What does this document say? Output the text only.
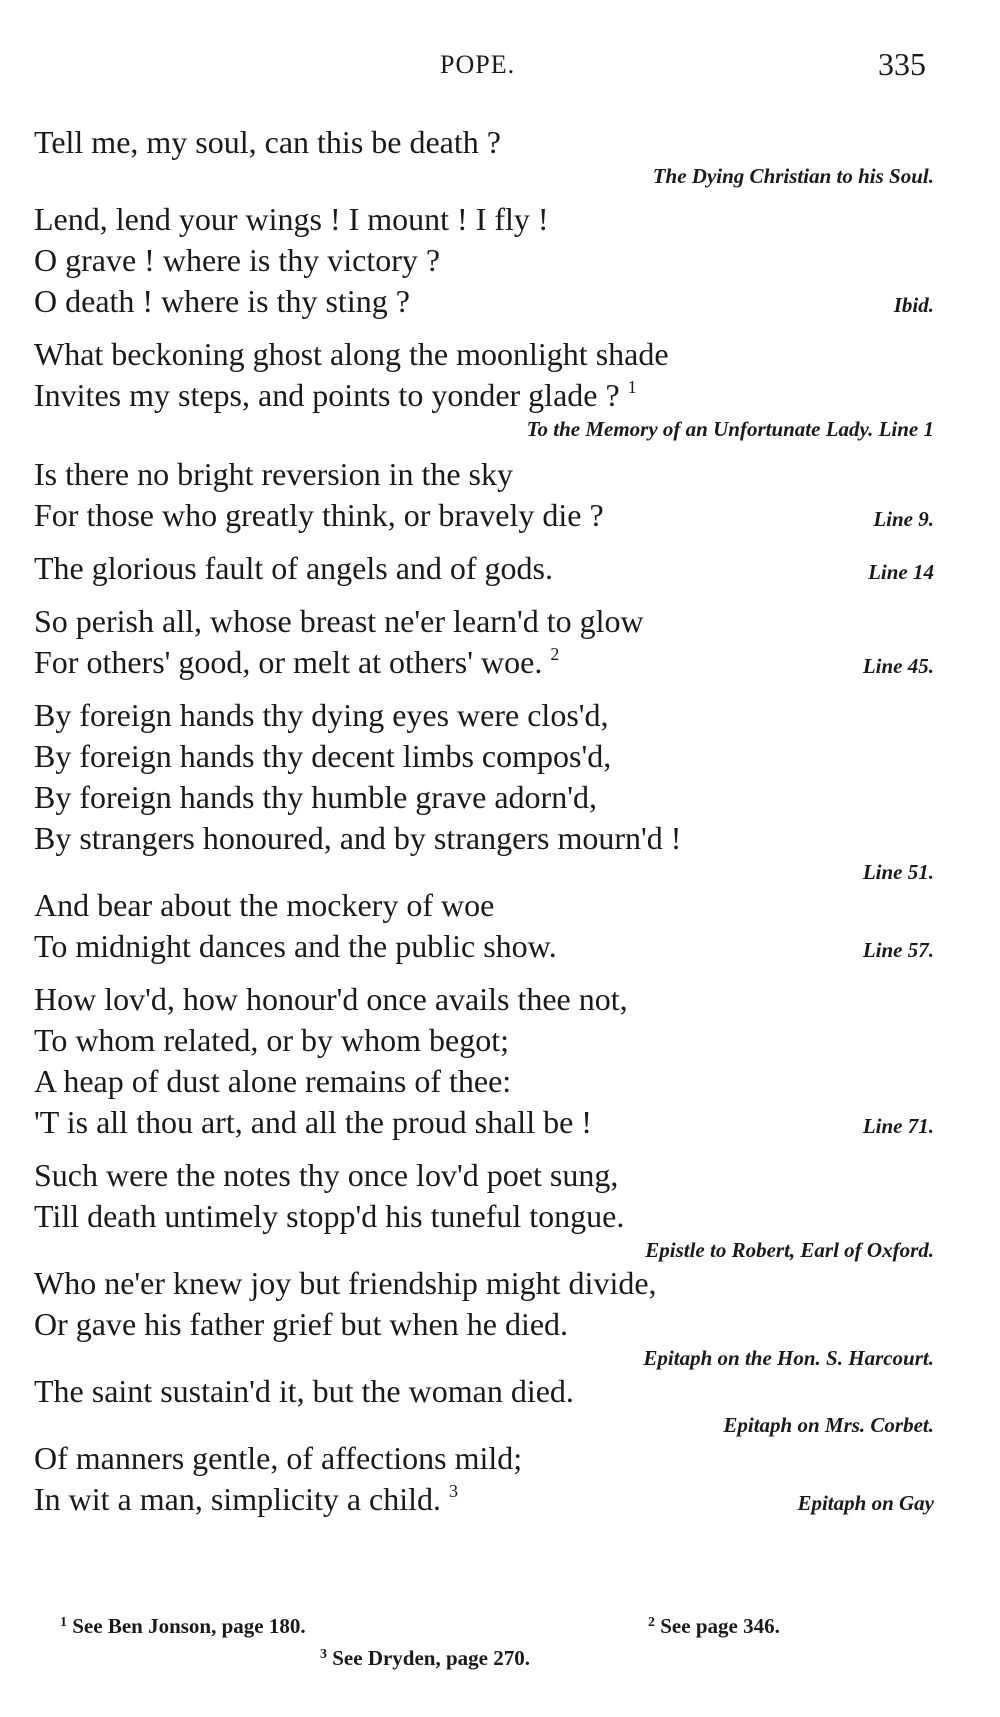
POPE.	335
Tell me, my soul, can this be death ?
The Dying Christian to his Soul.
Lend, lend your wings ! I mount ! I fly !
O grave ! where is thy victory ?
O death ! where is thy sting ?	Ibid.
What beckoning ghost along the moonlight shade
Invites my steps, and points to yonder glade ? $^1$
To the Memory of an Unfortunate Lady. Line 1
Is there no bright reversion in the sky
For those who greatly think, or bravely die ?	Line 9.
The glorious fault of angels and of gods.	Line 14
So perish all, whose breast ne'er learn'd to glow
For others' good, or melt at others' woe. $^2$	Line 45.
By foreign hands thy dying eyes were clos'd,
By foreign hands thy decent limbs compos'd,
By foreign hands thy humble grave adorn'd,
By strangers honoured, and by strangers mourn'd !
Line 51.
And bear about the mockery of woe
To midnight dances and the public show.	Line 57.
How lov'd, how honour'd once avails thee not,
To whom related, or by whom begot;
A heap of dust alone remains of thee:
'T is all thou art, and all the proud shall be !	Line 71.
Such were the notes thy once lov'd poet sung,
Till death untimely stopp'd his tuneful tongue.
Epistle to Robert, Earl of Oxford.
Who ne'er knew joy but friendship might divide,
Or gave his father grief but when he died.
Epitaph on the Hon. S. Harcourt.
The saint sustain'd it, but the woman died.
Epitaph on Mrs. Corbet.
Of manners gentle, of affections mild;
In wit a man, simplicity a child. $^3$	Epitaph on Gay
$^1$ See Ben Jonson, page 180.	$^2$ See page 346.
$^3$ See Dryden, page 270.
